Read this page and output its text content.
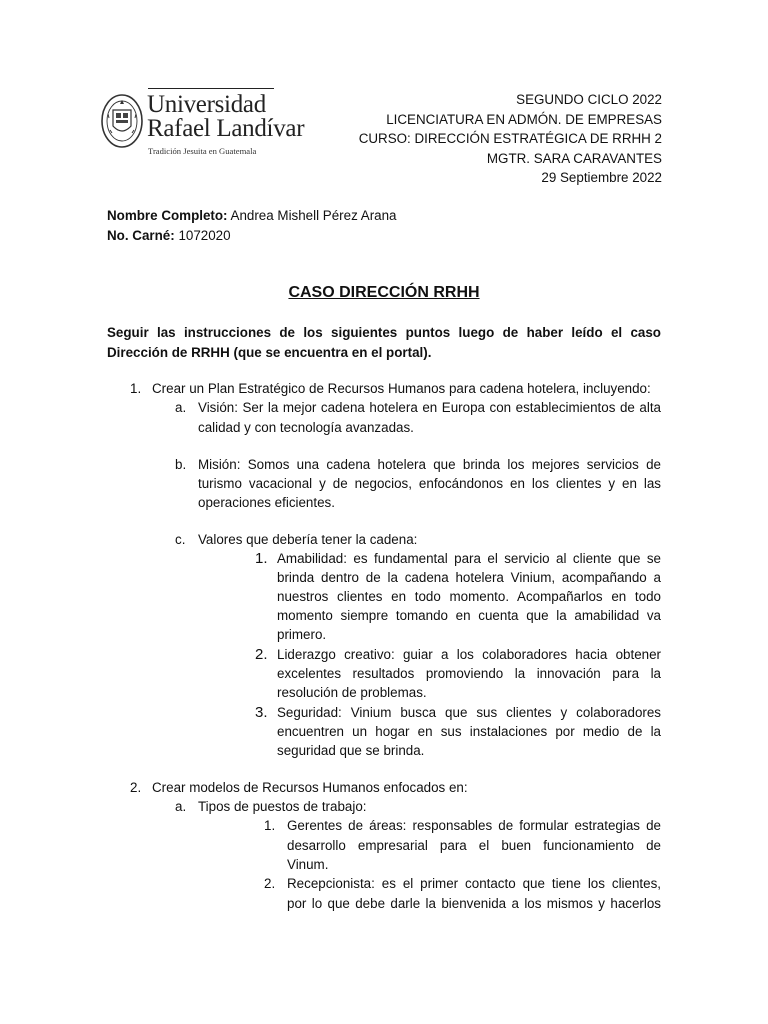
Universidad
Rafael Landívar
Tradición Jesuita en Guatemala
SEGUNDO CICLO 2022
LICENCIATURA EN ADMÓN. DE EMPRESAS
CURSO: DIRECCIÓN ESTRATÉGICA DE RRHH 2
MGTR. SARA CARAVANTES
29 Septiembre 2022
Nombre Completo: Andrea Mishell Pérez Arana
No. Carné: 1072020
CASO DIRECCIÓN RRHH
Seguir las instrucciones de los siguientes puntos luego de haber leído el caso
Dirección de RRHH (que se encuentra en el portal).
1. Crear un Plan Estratégico de Recursos Humanos para cadena hotelera, incluyendo:
a. Visión: Ser la mejor cadena hotelera en Europa con establecimientos de alta
calidad y con tecnología avanzadas.
b. Misión: Somos una cadena hotelera que brinda los mejores servicios de
turismo vacacional y de negocios, enfocándonos en los clientes y en las
operaciones eficientes.
c. Valores que debería tener la cadena:
1. Amabilidad: es fundamental para el servicio al cliente que se
brinda dentro de la cadena hotelera Vinium, acompañando a
nuestros clientes en todo momento. Acompañarlos en todo
momento siempre tomando en cuenta que la amabilidad va
primero.
2. Liderazgo creativo: guiar a los colaboradores hacia obtener
excelentes resultados promoviendo la innovación para la
resolución de problemas.
3. Seguridad: Vinium busca que sus clientes y colaboradores
encuentren un hogar en sus instalaciones por medio de la
seguridad que se brinda.
2. Crear modelos de Recursos Humanos enfocados en:
a. Tipos de puestos de trabajo:
1. Gerentes de áreas: responsables de formular estrategias de
desarrollo empresarial para el buen funcionamiento de
Vinum.
2. Recepcionista: es el primer contacto que tiene los clientes,
por lo que debe darle la bienvenida a los mismos y hacerlos
